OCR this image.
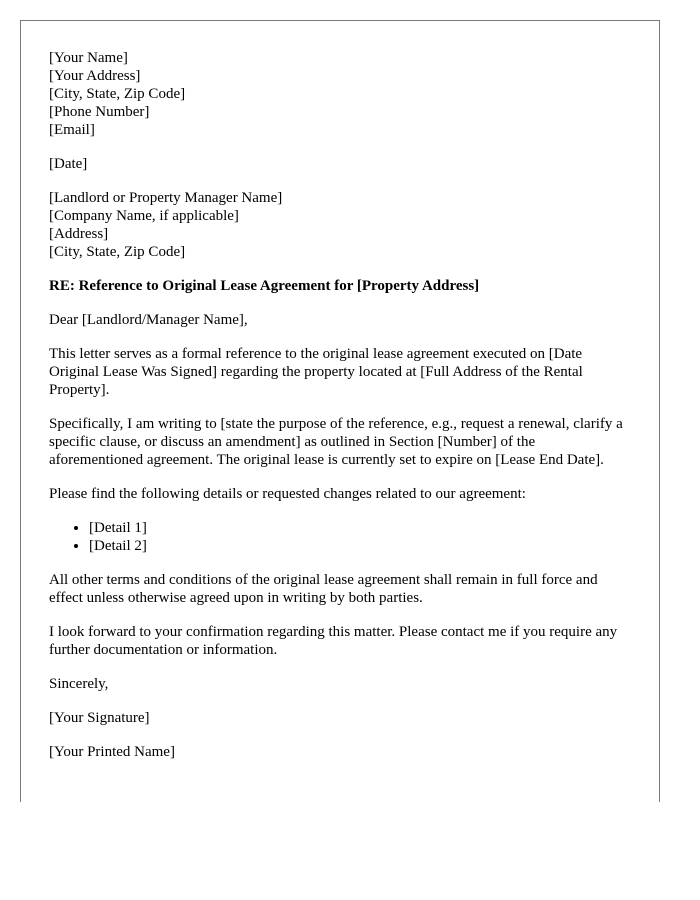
[Your Name]
[Your Address]
[City, State, Zip Code]
[Phone Number]
[Email]

[Date]

[Landlord or Property Manager Name]
[Company Name, if applicable]
[Address]
[City, State, Zip Code]

RE: Reference to Original Lease Agreement for [Property Address]

Dear [Landlord/Manager Name],

This letter serves as a formal reference to the original lease agreement executed on [Date Original Lease Was Signed] regarding the property located at [Full Address of the Rental Property].

Specifically, I am writing to [state the purpose of the reference, e.g., request a renewal, clarify a specific clause, or discuss an amendment] as outlined in Section [Number] of the aforementioned agreement. The original lease is currently set to expire on [Lease End Date].

Please find the following details or requested changes related to our agreement:

• [Detail 1]
• [Detail 2]

All other terms and conditions of the original lease agreement shall remain in full force and effect unless otherwise agreed upon in writing by both parties.

I look forward to your confirmation regarding this matter. Please contact me if you require any further documentation or information.

Sincerely,

[Your Signature]

[Your Printed Name]
